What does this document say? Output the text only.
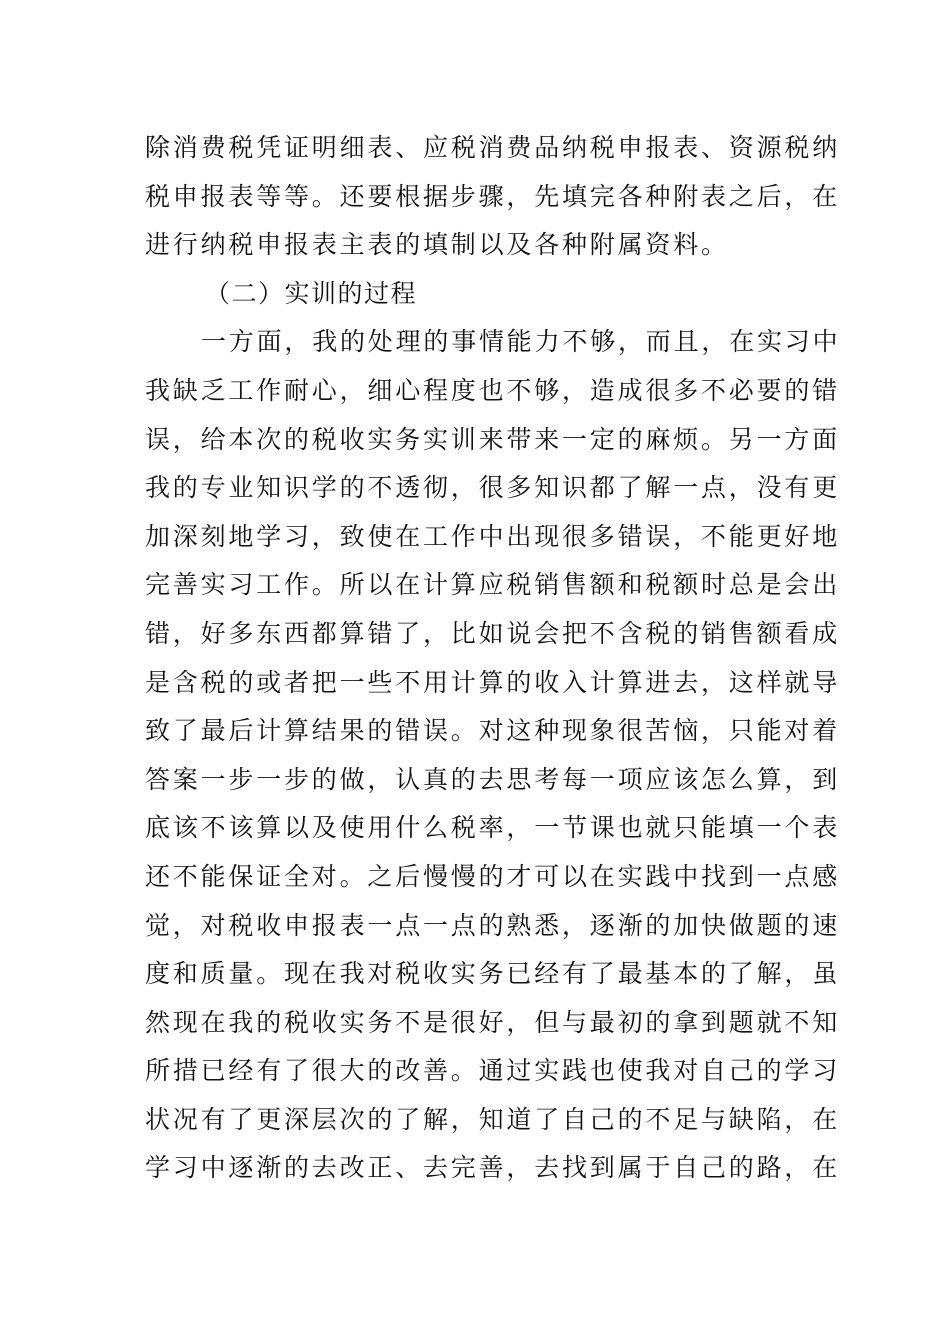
除消费税凭证明细表、应税消费品纳税申报表、资源税纳
税申报表等等。还要根据步骤，先填完各种附表之后，在
进行纳税申报表主表的填制以及各种附属资料。
（二）实训的过程
一方面，我的处理的事情能力不够，而且，在实习中
我缺乏工作耐心，细心程度也不够，造成很多不必要的错
误，给本次的税收实务实训来带来一定的麻烦。另一方面
我的专业知识学的不透彻，很多知识都了解一点，没有更
加深刻地学习，致使在工作中出现很多错误，不能更好地
完善实习工作。所以在计算应税销售额和税额时总是会出
错，好多东西都算错了，比如说会把不含税的销售额看成
是含税的或者把一些不用计算的收入计算进去，这样就导
致了最后计算结果的错误。对这种现象很苦恼，只能对着
答案一步一步的做，认真的去思考每一项应该怎么算，到
底该不该算以及使用什么税率，一节课也就只能填一个表
还不能保证全对。之后慢慢的才可以在实践中找到一点感
觉，对税收申报表一点一点的熟悉，逐渐的加快做题的速
度和质量。现在我对税收实务已经有了最基本的了解，虽
然现在我的税收实务不是很好，但与最初的拿到题就不知
所措已经有了很大的改善。通过实践也使我对自己的学习
状况有了更深层次的了解，知道了自己的不足与缺陷，在
学习中逐渐的去改正、去完善，去找到属于自己的路，在
